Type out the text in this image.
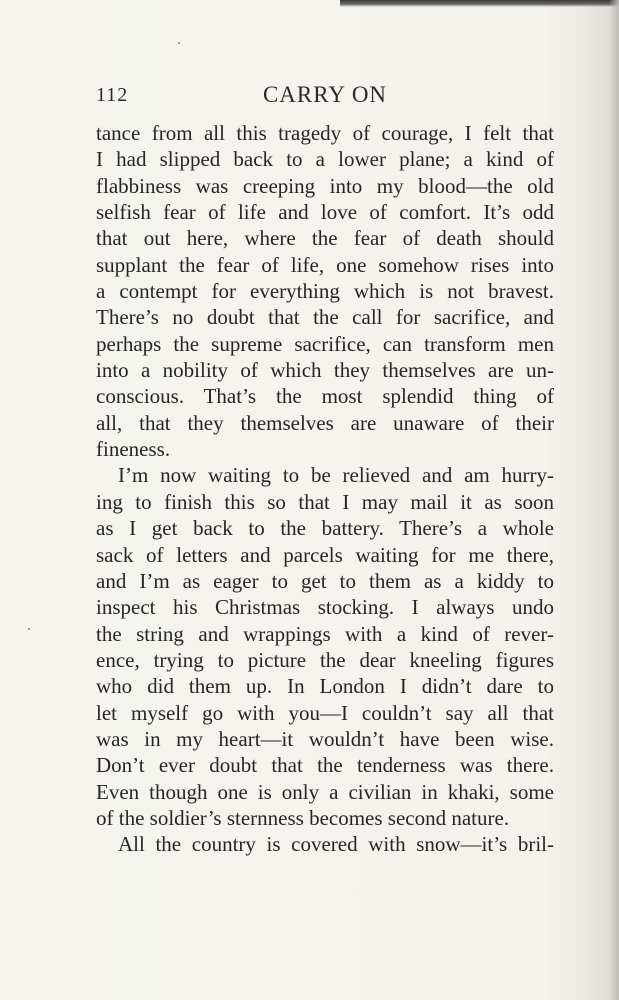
112	CARRY ON
tance from all this tragedy of courage, I felt that
I had slipped back to a lower plane; a kind of
flabbiness was creeping into my blood—the old
selfish fear of life and love of comfort. It’s odd
that out here, where the fear of death should
supplant the fear of life, one somehow rises into
a contempt for everything which is not bravest.
There’s no doubt that the call for sacrifice, and
perhaps the supreme sacrifice, can transform men
into a nobility of which they themselves are un-
conscious. That’s the most splendid thing of
all, that they themselves are unaware of their
fineness.
I’m now waiting to be relieved and am hurry-
ing to finish this so that I may mail it as soon
as I get back to the battery. There’s a whole
sack of letters and parcels waiting for me there,
and I’m as eager to get to them as a kiddy to
inspect his Christmas stocking. I always undo
the string and wrappings with a kind of rever-
ence, trying to picture the dear kneeling figures
who did them up. In London I didn’t dare to
let myself go with you—I couldn’t say all that
was in my heart—it wouldn’t have been wise.
Don’t ever doubt that the tenderness was there.
Even though one is only a civilian in khaki, some
of the soldier’s sternness becomes second nature.
All the country is covered with snow—it’s bril-
